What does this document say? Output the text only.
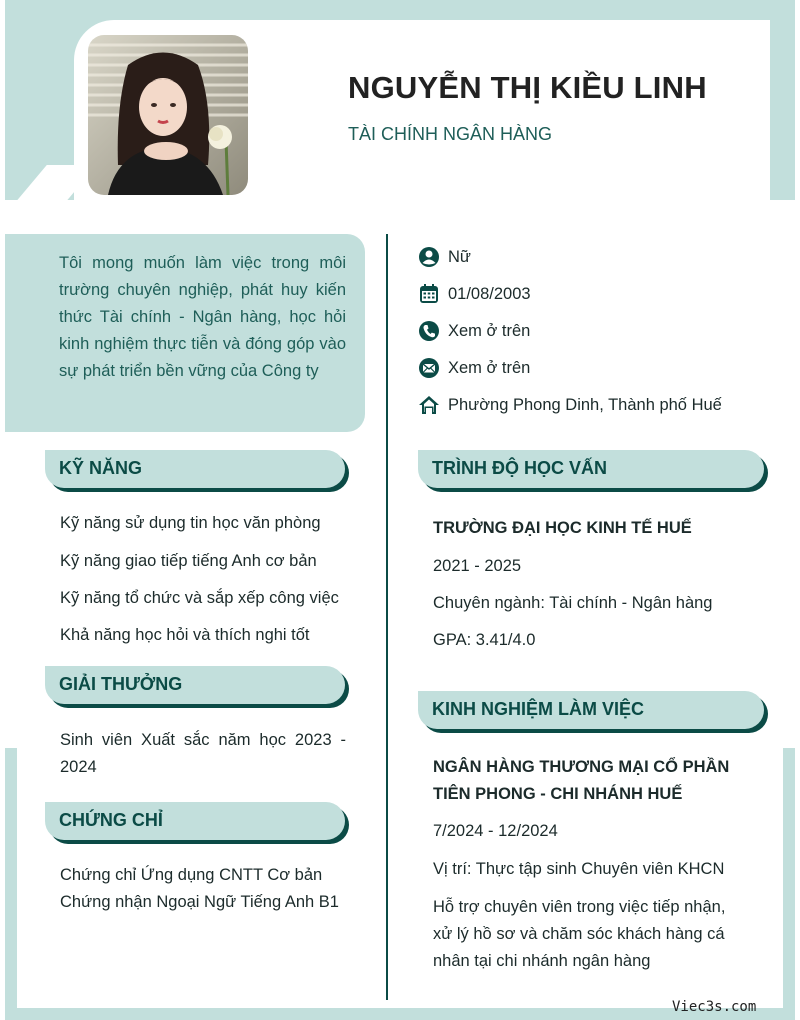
NGUYỄN THỊ KIỀU LINH
TÀI CHÍNH NGÂN HÀNG
Tôi mong muốn làm việc trong môi trường chuyên nghiệp, phát huy kiến thức Tài chính - Ngân hàng, học hỏi kinh nghiệm thực tiễn và đóng góp vào sự phát triển bền vững của Công ty
Nữ
01/08/2003
Xem ở trên
Xem ở trên
Phường Phong Dinh, Thành phố Huế
KỸ NĂNG
Kỹ năng sử dụng tin học văn phòng
Kỹ năng giao tiếp tiếng Anh cơ bản
Kỹ năng tổ chức và sắp xếp công việc
Khả năng học hỏi và thích nghi tốt
GIẢI THƯỞNG
Sinh viên Xuất sắc năm học 2023 - 2024
CHỨNG CHỈ
Chứng chỉ Ứng dụng CNTT Cơ bản
Chứng nhận Ngoại Ngữ Tiếng Anh B1
TRÌNH ĐỘ HỌC VẤN
TRƯỜNG ĐẠI HỌC KINH TẾ HUẾ
2021 - 2025
Chuyên ngành: Tài chính - Ngân hàng
GPA: 3.41/4.0
KINH NGHIỆM LÀM VIỆC
NGÂN HÀNG THƯƠNG MẠI CỔ PHẦN TIÊN PHONG - CHI NHÁNH HUẾ
7/2024 - 12/2024
Vị trí: Thực tập sinh Chuyên viên KHCN
Hỗ trợ chuyên viên trong việc tiếp nhận, xử lý hồ sơ và chăm sóc khách hàng cá nhân tại chi nhánh ngân hàng
Viec3s.com
